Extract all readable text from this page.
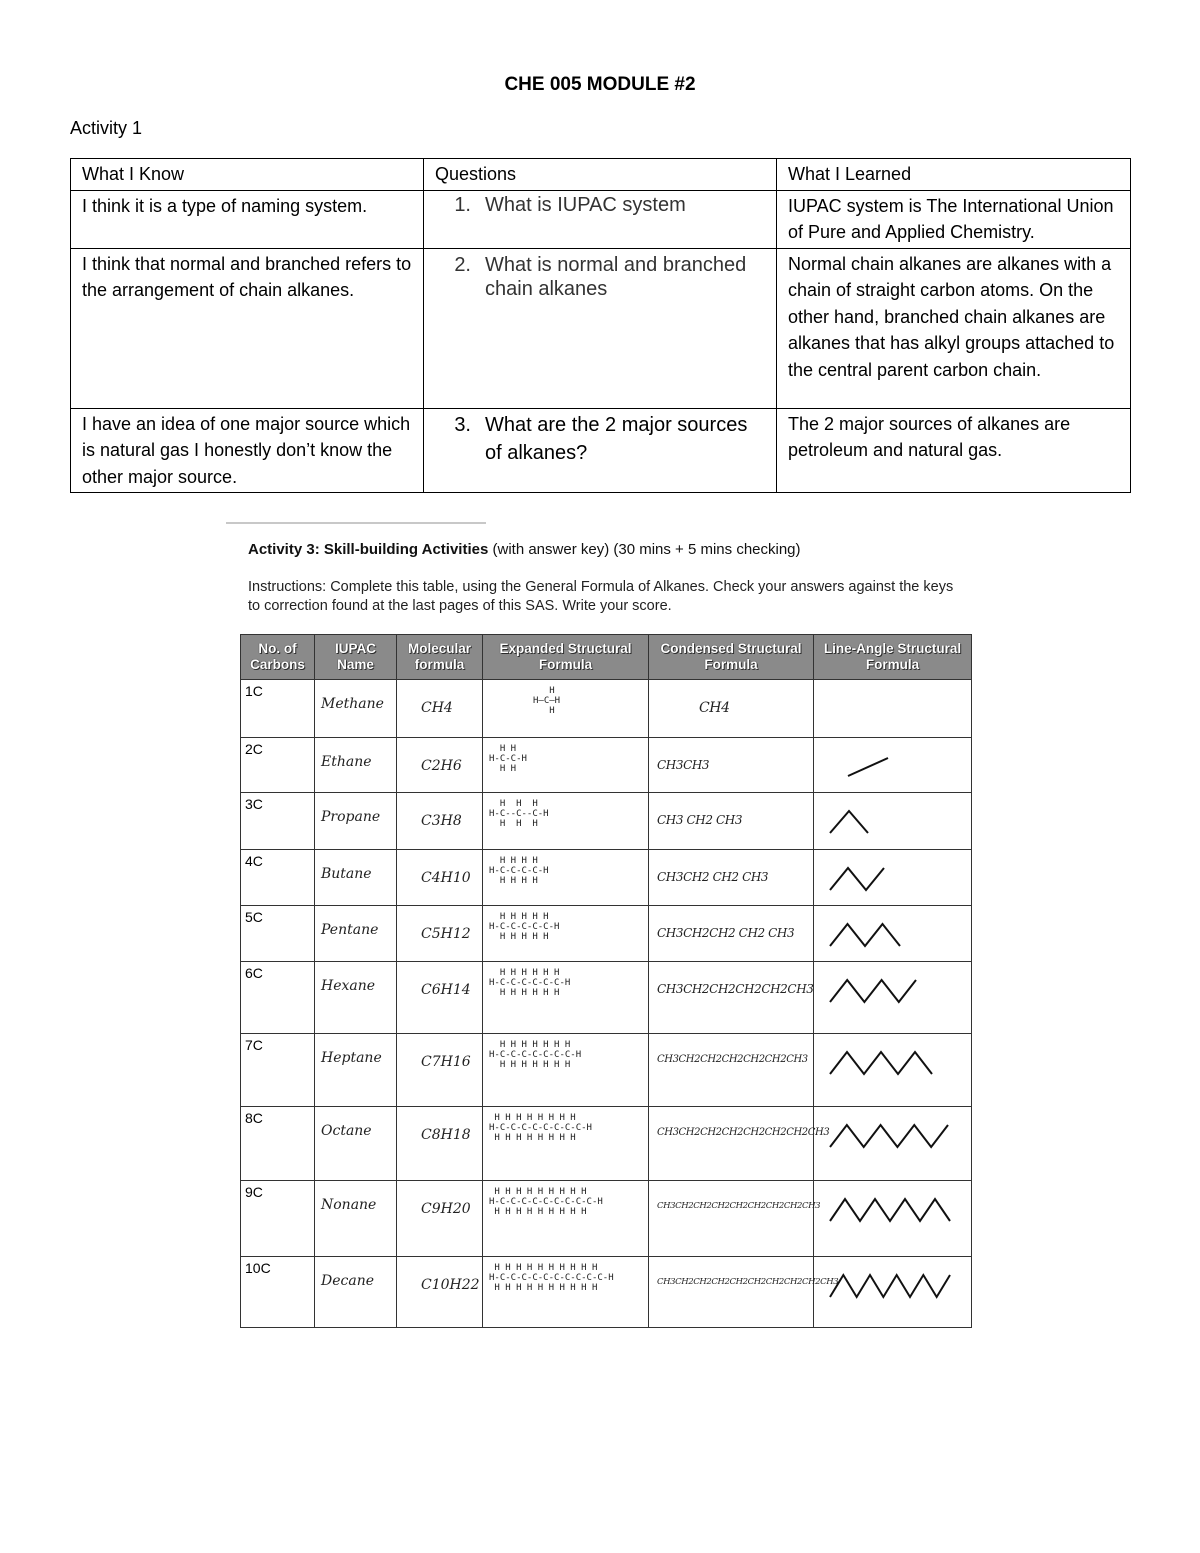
CHE 005 MODULE #2
Activity 1
What I Know	Questions	What I Learned
I think it is a type of naming system.	1. What is IUPAC system	IUPAC system is The International Union of Pure and Applied Chemistry.
I think that normal and branched refers to the arrangement of chain alkanes.	2. What is normal and branched chain alkanes	Normal chain alkanes are alkanes with a chain of straight carbon atoms. On the other hand, branched chain alkanes are alkanes that has alkyl groups attached to the central parent carbon chain.
I have an idea of one major source which is natural gas I honestly don’t know the other major source.	3. What are the 2 major sources of alkanes?	The 2 major sources of alkanes are petroleum and natural gas.
Activity 3: Skill-building Activities (with answer key) (30 mins + 5 mins checking)
Instructions: Complete this table, using the General Formula of Alkanes. Check your answers against the keys to correction found at the last pages of this SAS. Write your score.
No. of Carbons	IUPAC Name	Molecular formula	Expanded Structural Formula	Condensed Structural Formula	Line-Angle Structural Formula
1C	Methane	CH4	H
H—C—H
H	CH4	

2C	Ethane	C2H6	H H
H-C-C-H
H H	CH3CH3

3C	Propane	C3H8	H  H  H
H-C--C--C-H
H  H  H	CH3 CH2 CH3

4C	Butane	C4H10	H H H H
H-C-C-C-C-H
H H H H	CH3CH2 CH2 CH3

5C	Pentane	C5H12	H H H H H
H-C-C-C-C-C-H
H H H H H	CH3CH2CH2 CH2 CH3

6C	Hexane	C6H14	H H H H H H
H-C-C-C-C-C-C-H
H H H H H H	CH3CH2CH2CH2CH2CH3

7C	Heptane	C7H16	H H H H H H H
H-C-C-C-C-C-C-C-H
H H H H H H H	CH3CH2CH2CH2CH2CH2CH3

8C	Octane	C8H18	H H H H H H H H
H-C-C-C-C-C-C-C-C-H
H H H H H H H H	CH3CH2CH2CH2CH2CH2CH2CH3

9C	Nonane	C9H20	H H H H H H H H H
H-C-C-C-C-C-C-C-C-C-H
H H H H H H H H H	CH3CH2CH2CH2CH2CH2CH2CH2CH3

10C	Decane	C10H22	H H H H H H H H H H
H-C-C-C-C-C-C-C-C-C-C-H
H H H H H H H H H H	CH3CH2CH2CH2CH2CH2CH2CH2CH2CH3
